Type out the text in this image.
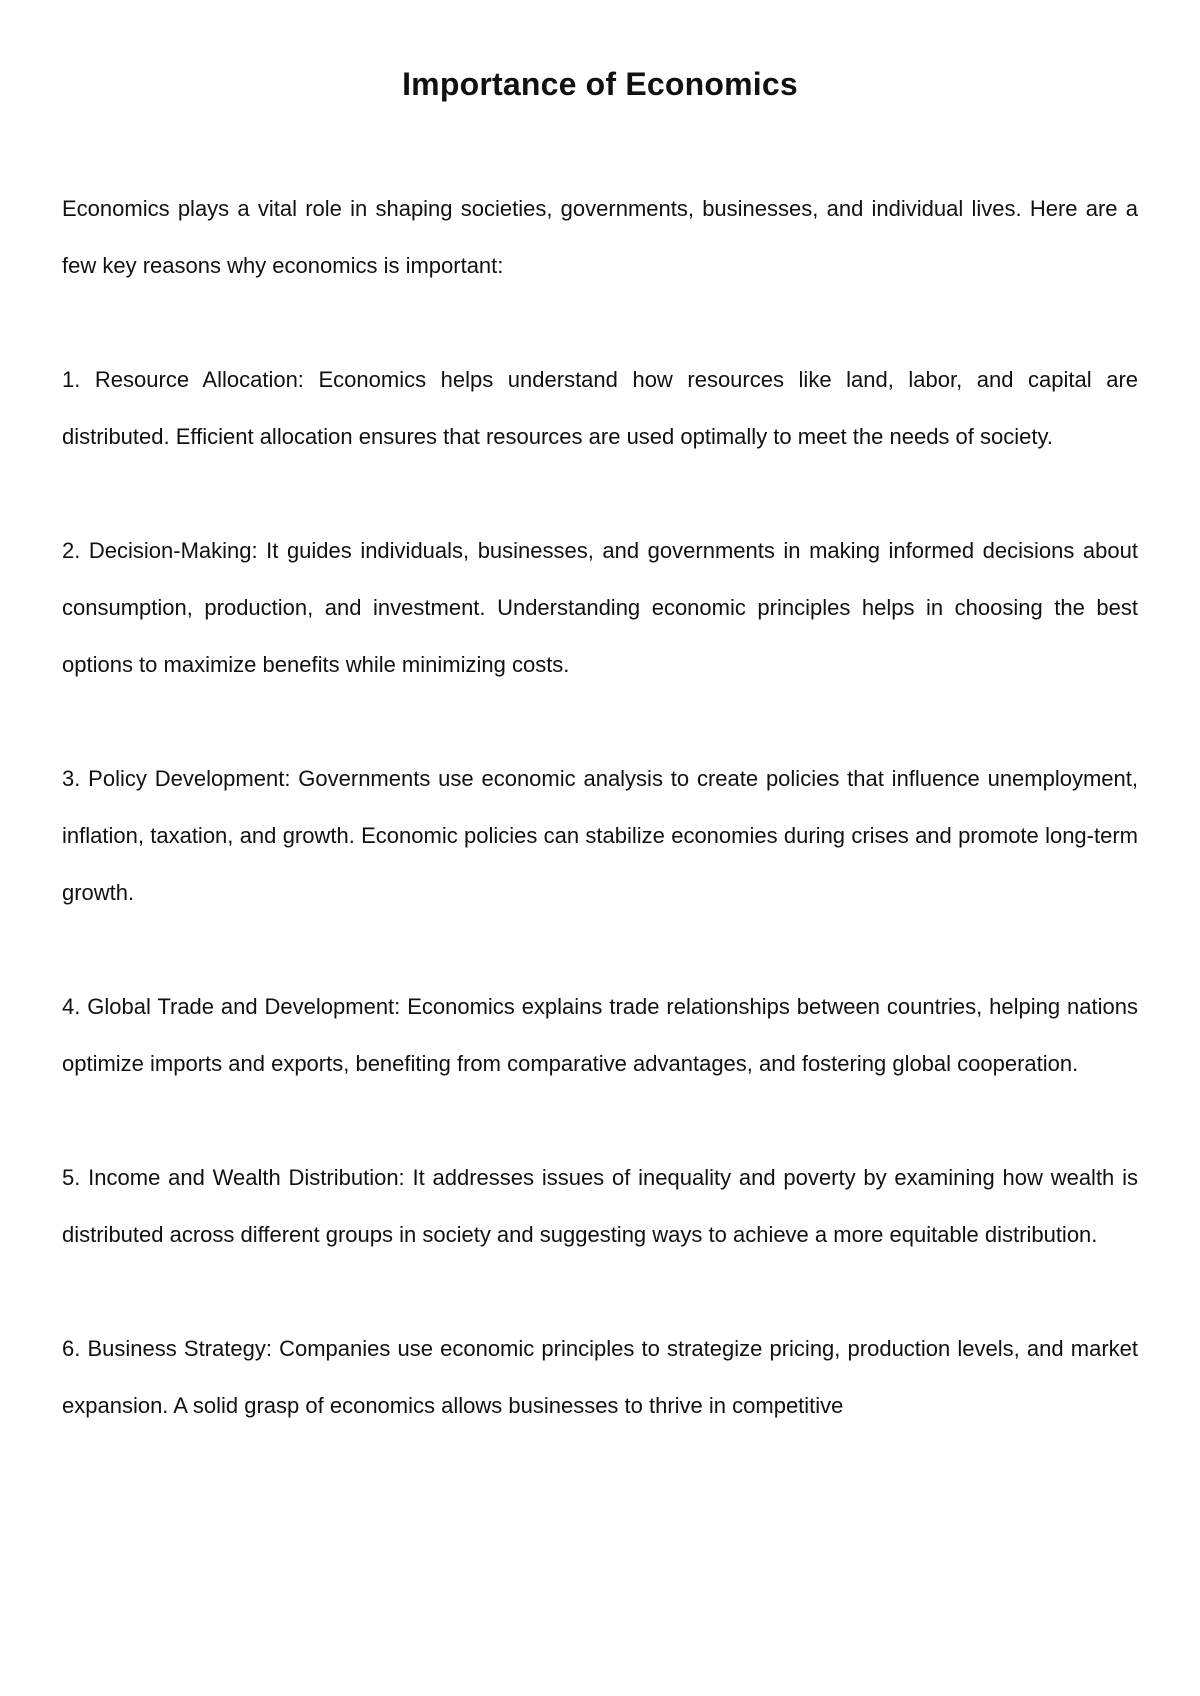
Importance of Economics

Economics plays a vital role in shaping societies, governments, businesses, and individual lives. Here are a few key reasons why economics is important:

1. Resource Allocation: Economics helps understand how resources like land, labor, and capital are distributed. Efficient allocation ensures that resources are used optimally to meet the needs of society.

2. Decision-Making: It guides individuals, businesses, and governments in making informed decisions about consumption, production, and investment. Understanding economic principles helps in choosing the best options to maximize benefits while minimizing costs.

3. Policy Development: Governments use economic analysis to create policies that influence unemployment, inflation, taxation, and growth. Economic policies can stabilize economies during crises and promote long-term growth.

4. Global Trade and Development: Economics explains trade relationships between countries, helping nations optimize imports and exports, benefiting from comparative advantages, and fostering global cooperation.

5. Income and Wealth Distribution: It addresses issues of inequality and poverty by examining how wealth is distributed across different groups in society and suggesting ways to achieve a more equitable distribution.

6. Business Strategy: Companies use economic principles to strategize pricing, production levels, and market expansion. A solid grasp of economics allows businesses to thrive in competitive
